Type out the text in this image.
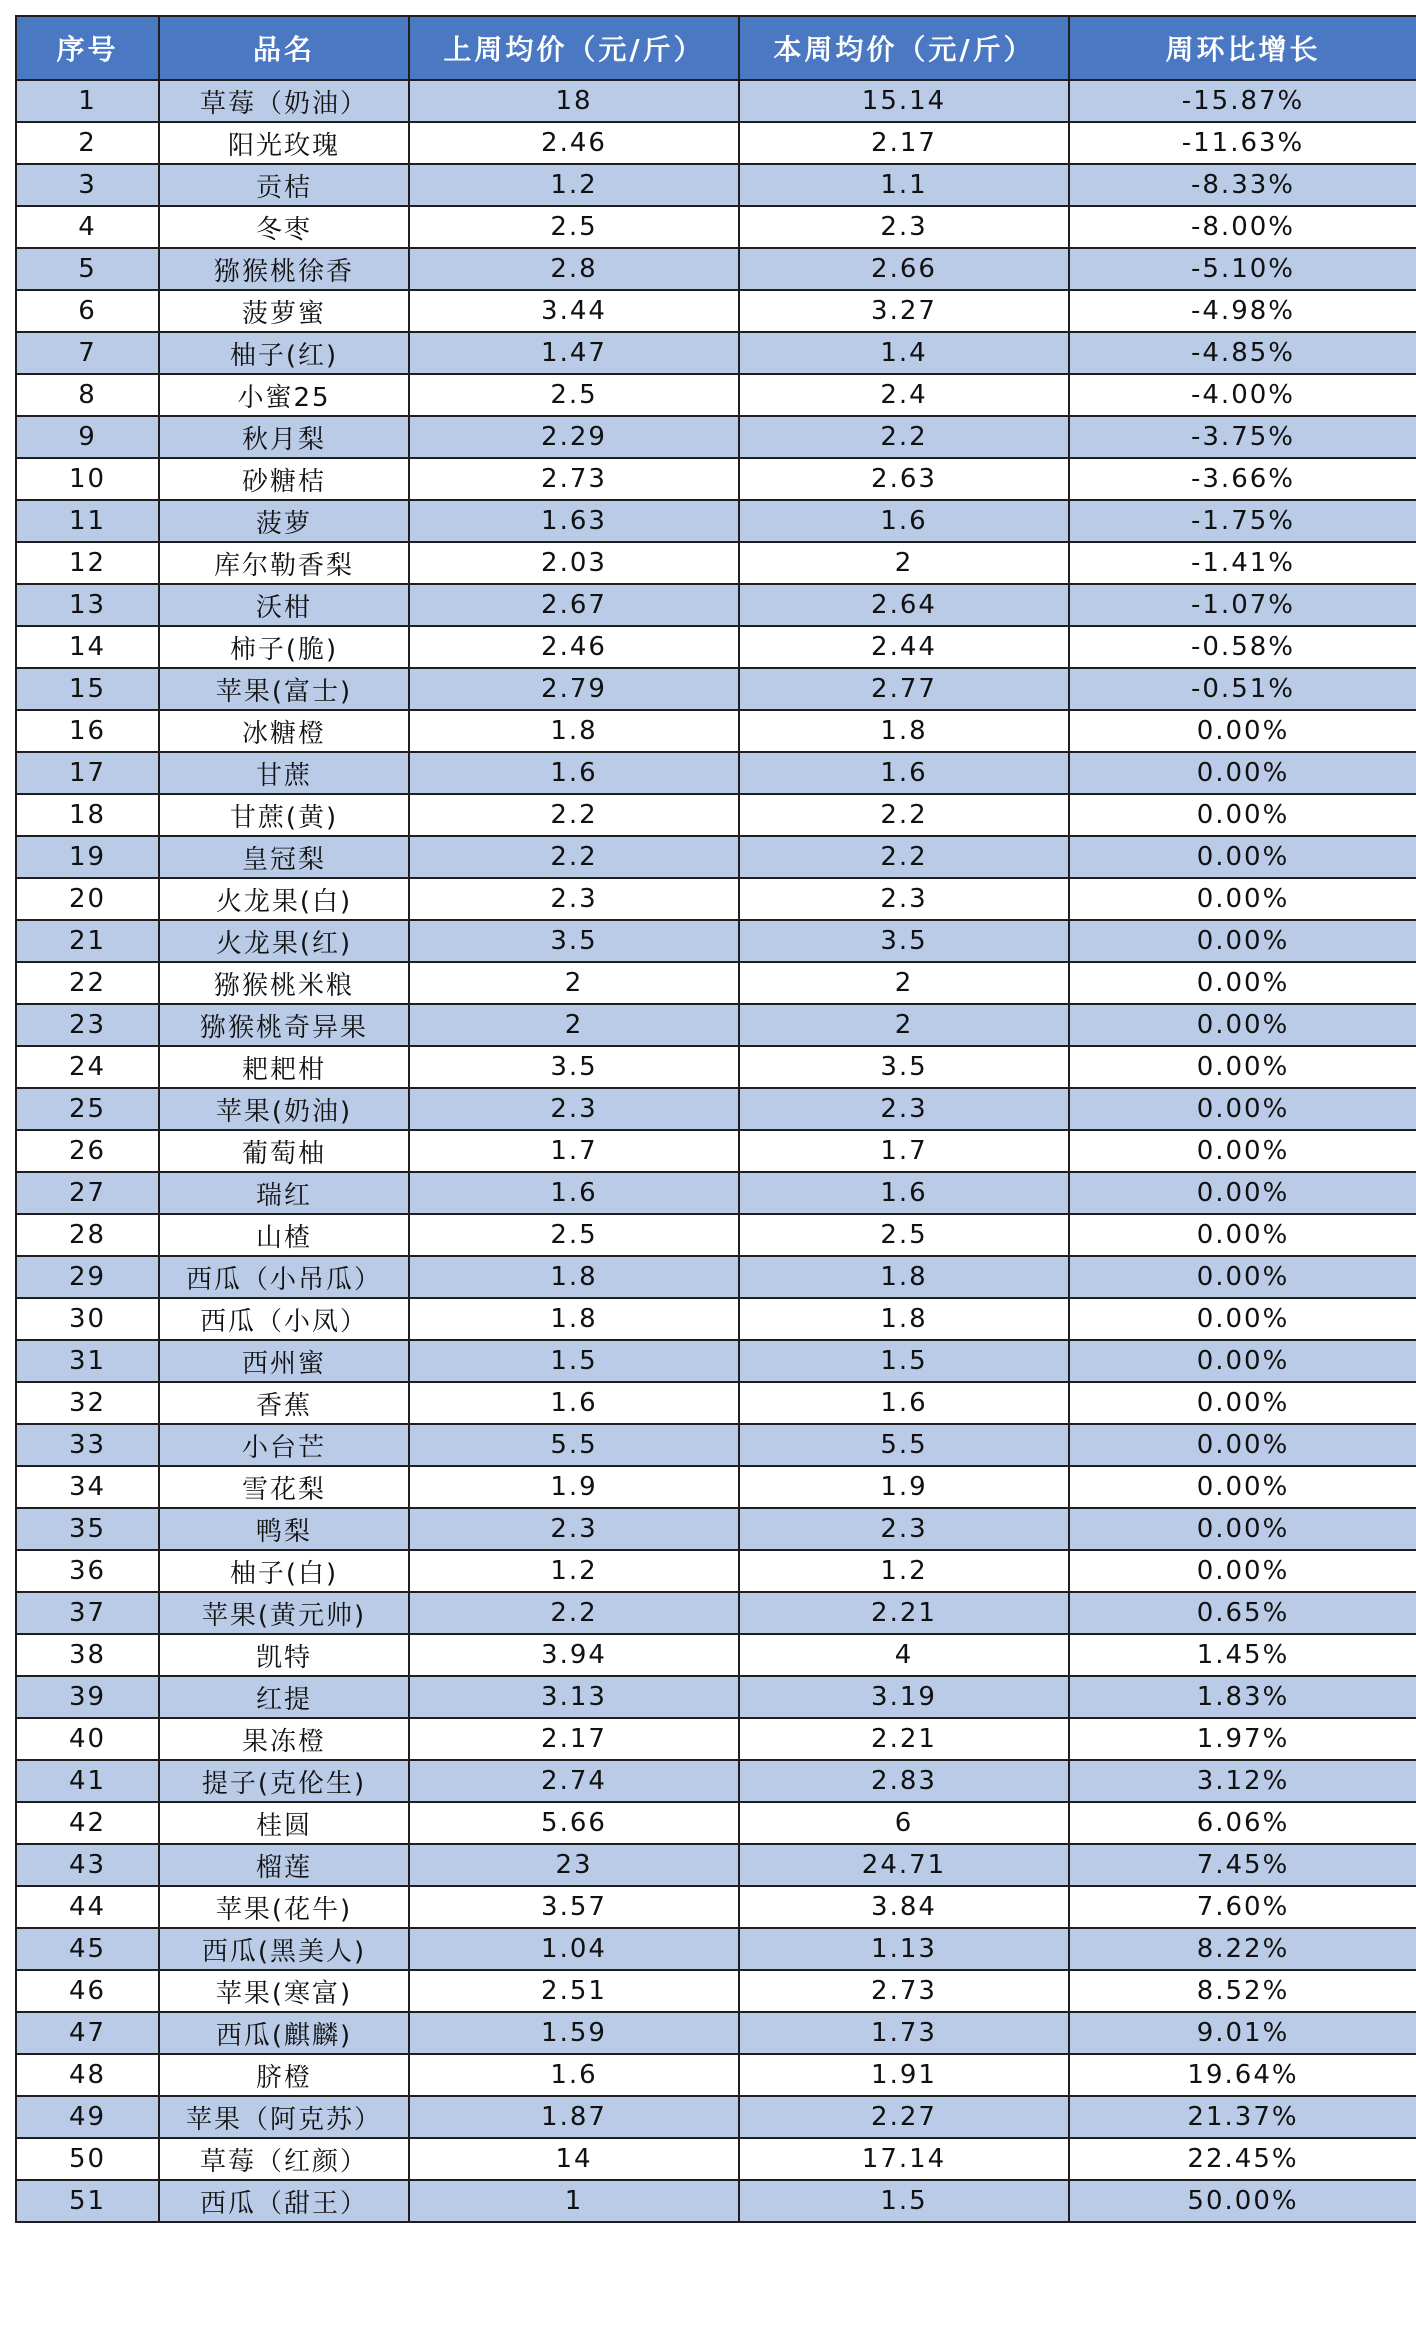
序号	品名	上周均价（元/斤）	本周均价（元/斤）	周环比增长
1	草莓（奶油）	18	15.14	-15.87%
2	阳光玫瑰	2.46	2.17	-11.63%
3	贡桔	1.2	1.1	-8.33%
4	冬枣	2.5	2.3	-8.00%
5	猕猴桃徐香	2.8	2.66	-5.10%
6	菠萝蜜	3.44	3.27	-4.98%
7	柚子(红)	1.47	1.4	-4.85%
8	小蜜25	2.5	2.4	-4.00%
9	秋月梨	2.29	2.2	-3.75%
10	砂糖桔	2.73	2.63	-3.66%
11	菠萝	1.63	1.6	-1.75%
12	库尔勒香梨	2.03	2	-1.41%
13	沃柑	2.67	2.64	-1.07%
14	柿子(脆)	2.46	2.44	-0.58%
15	苹果(富士)	2.79	2.77	-0.51%
16	冰糖橙	1.8	1.8	0.00%
17	甘蔗	1.6	1.6	0.00%
18	甘蔗(黄)	2.2	2.2	0.00%
19	皇冠梨	2.2	2.2	0.00%
20	火龙果(白)	2.3	2.3	0.00%
21	火龙果(红)	3.5	3.5	0.00%
22	猕猴桃米粮	2	2	0.00%
23	猕猴桃奇异果	2	2	0.00%
24	耙耙柑	3.5	3.5	0.00%
25	苹果(奶油)	2.3	2.3	0.00%
26	葡萄柚	1.7	1.7	0.00%
27	瑞红	1.6	1.6	0.00%
28	山楂	2.5	2.5	0.00%
29	西瓜（小吊瓜）	1.8	1.8	0.00%
30	西瓜（小凤）	1.8	1.8	0.00%
31	西州蜜	1.5	1.5	0.00%
32	香蕉	1.6	1.6	0.00%
33	小台芒	5.5	5.5	0.00%
34	雪花梨	1.9	1.9	0.00%
35	鸭梨	2.3	2.3	0.00%
36	柚子(白)	1.2	1.2	0.00%
37	苹果(黄元帅)	2.2	2.21	0.65%
38	凯特	3.94	4	1.45%
39	红提	3.13	3.19	1.83%
40	果冻橙	2.17	2.21	1.97%
41	提子(克伦生)	2.74	2.83	3.12%
42	桂圆	5.66	6	6.06%
43	榴莲	23	24.71	7.45%
44	苹果(花牛)	3.57	3.84	7.60%
45	西瓜(黑美人)	1.04	1.13	8.22%
46	苹果(寒富)	2.51	2.73	8.52%
47	西瓜(麒麟)	1.59	1.73	9.01%
48	脐橙	1.6	1.91	19.64%
49	苹果（阿克苏）	1.87	2.27	21.37%
50	草莓（红颜）	14	17.14	22.45%
51	西瓜（甜王）	1	1.5	50.00%
